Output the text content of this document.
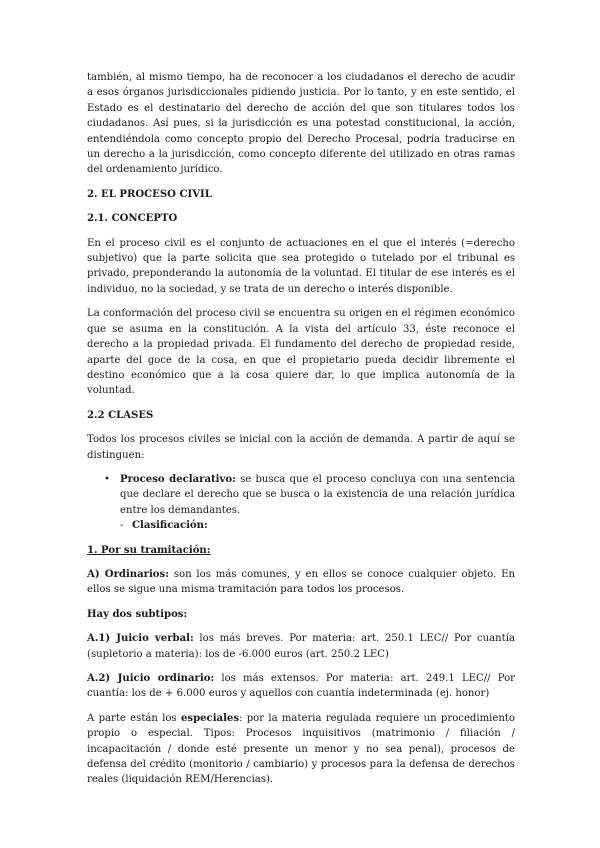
también, al mismo tiempo, ha de reconocer a los ciudadanos el derecho de acudir a esos órganos jurisdiccionales pidiendo justicia. Por lo tanto, y en este sentido, el Estado es el destinatario del derecho de acción del que son titulares todos los ciudadanos. Así pues, si la jurisdicción es una potestad constitucional, la acción, entendiéndola como concepto propio del Derecho Procesal, podría traducirse en un derecho a la jurisdicción, como concepto diferente del utilizado en otras ramas del ordenamiento jurídico.

2. EL PROCESO CIVIL
2.1. CONCEPTO

En el proceso civil es el conjunto de actuaciones en el que el interés (=derecho subjetivo) que la parte solicita que sea protegido o tutelado por el tribunal es privado, preponderando la autonomía de la voluntad. El titular de ese interés es el individuo, no la sociedad, y se trata de un derecho o interés disponible.

La conformación del proceso civil se encuentra su origen en el régimen económico que se asuma en la constitución. A la vista del artículo 33, éste reconoce el derecho a la propiedad privada. El fundamento del derecho de propiedad reside, aparte del goce de la cosa, en que el propietario pueda decidir libremente el destino económico que a la cosa quiere dar, lo que implica autonomía de la voluntad.

2.2 CLASES

Todos los procesos civiles se inicial con la acción de demanda. A partir de aquí se distinguen:

• Proceso declarativo: se busca que el proceso concluya con una sentencia que declare el derecho que se busca o la existencia de una relación jurídica entre los demandantes.
- Clasificación:
1. Por su tramitación:

A) Ordinarios: son los más comunes, y en ellos se conoce cualquier objeto. En ellos se sigue una misma tramitación para todos los procesos.

Hay dos subtipos:

A.1) Juicio verbal: los más breves. Por materia: art. 250.1 LEC// Por cuantía (supletorio a materia): los de -6.000 euros (art. 250.2 LEC)

A.2) Juicio ordinario: los más extensos. Por materia: art. 249.1 LEC// Por cuantía: los de + 6.000 euros y aquellos con cuantía indeterminada (ej. honor)

A parte están los especiales: por la materia regulada requiere un procedimiento propio o especial. Tipos: Procesos inquisitivos (matrimonio / filiación / incapacitación / donde esté presente un menor y no sea penal), procesos de defensa del crédito (monitorio / cambiario) y procesos para la defensa de derechos reales (liquidación REM/Herencias).
